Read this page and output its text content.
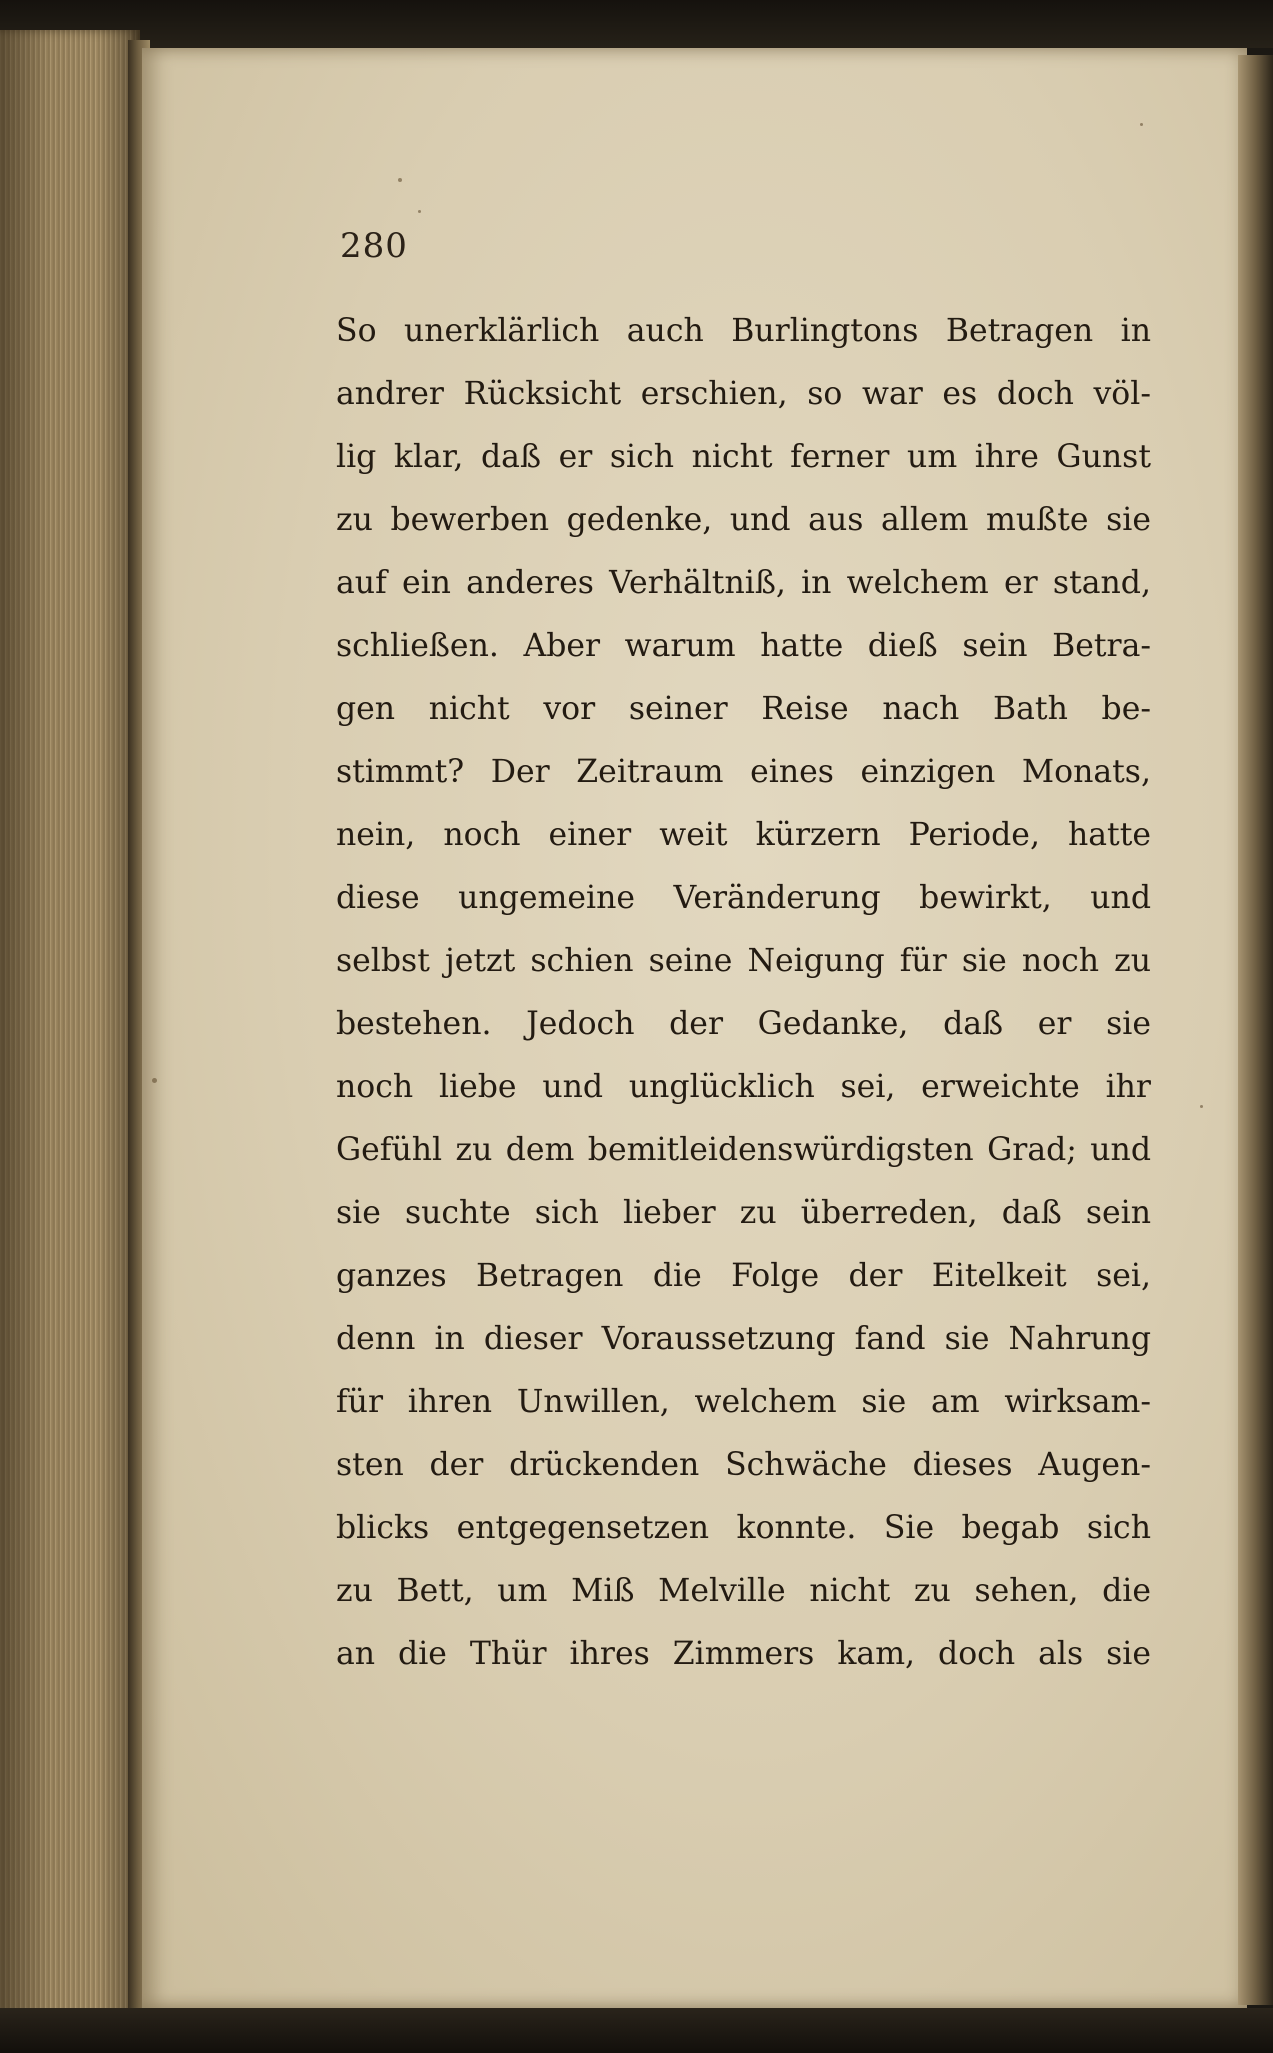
280

So unerklärlich auch Burlingtons Betragen in
andrer Rücksicht erschien, so war es doch völ-
lig klar, daß er sich nicht ferner um ihre Gunst
zu bewerben gedenke, und aus allem mußte sie
auf ein anderes Verhältniß, in welchem er stand,
schließen. Aber warum hatte dieß sein Betra-
gen nicht vor seiner Reise nach Bath be-
stimmt? Der Zeitraum eines einzigen Monats,
nein, noch einer weit kürzern Periode, hatte
diese ungemeine Veränderung bewirkt, und
selbst jetzt schien seine Neigung für sie noch zu
bestehen. Jedoch der Gedanke, daß er sie
noch liebe und unglücklich sei, erweichte ihr
Gefühl zu dem bemitleidenswürdigsten Grad; und
sie suchte sich lieber zu überreden, daß sein
ganzes Betragen die Folge der Eitelkeit sei,
denn in dieser Voraussetzung fand sie Nahrung
für ihren Unwillen, welchem sie am wirksam-
sten der drückenden Schwäche dieses Augen-
blicks entgegensetzen konnte. Sie begab sich
zu Bett, um Miß Melville nicht zu sehen, die
an die Thür ihres Zimmers kam, doch als sie
